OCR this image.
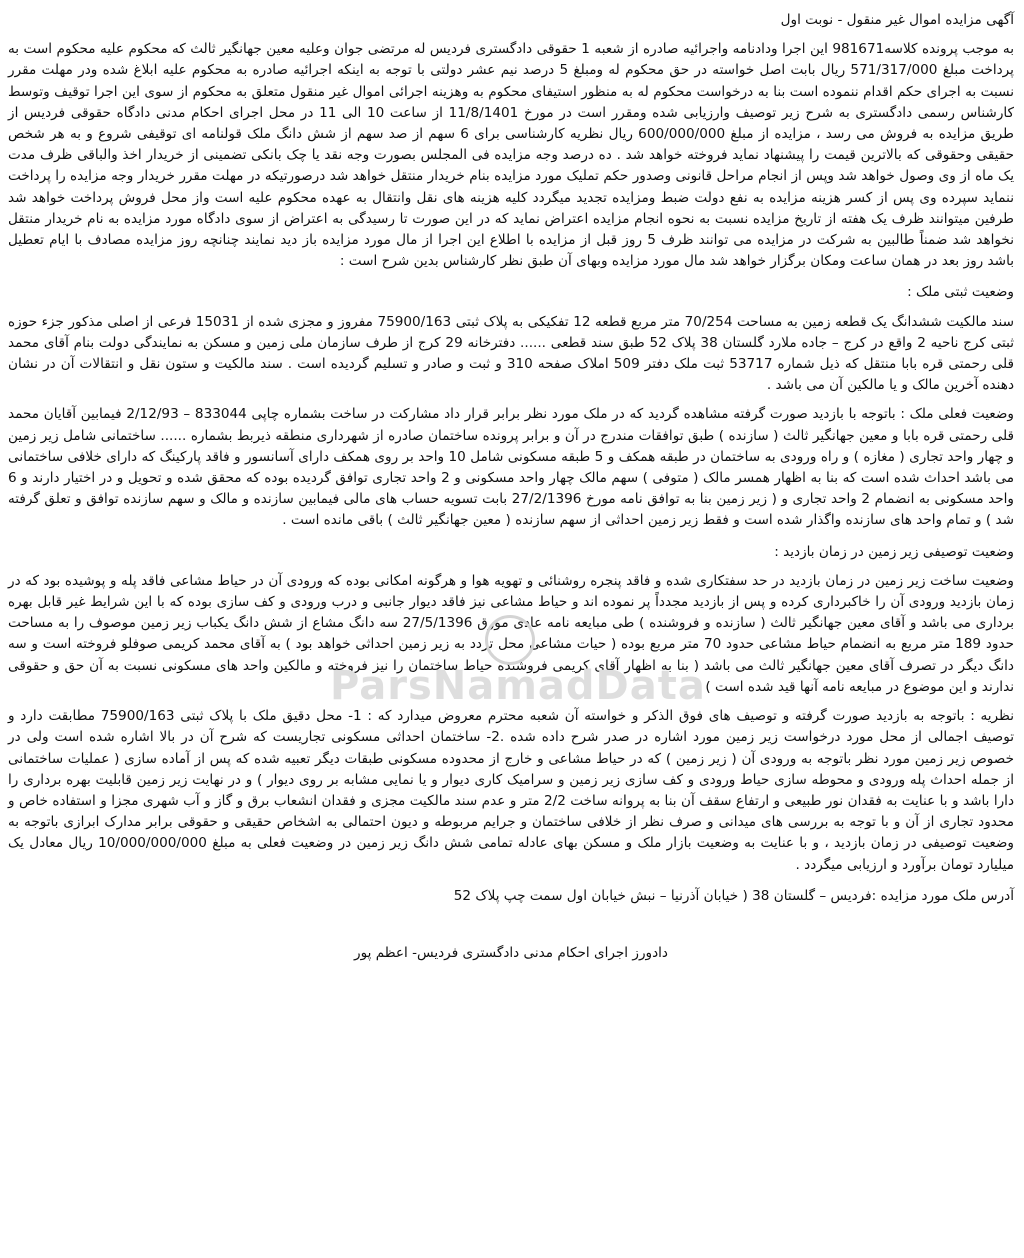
ParsNamadData

آگهی مزایده اموال غیر منقول - نوبت اول

به موجب پرونده کلاسه981671 این اجرا ودادنامه واجرائیه صادره از شعبه 1 حقوقی دادگستری فردیس له مرتضی جوان وعلیه معین جهانگیر ثالث که محکوم علیه محکوم است به پرداخت مبلغ 571/317/000 ریال بابت اصل خواسته در حق محکوم له ومبلغ 5 درصد نیم عشر دولتی با توجه به اینکه اجرائیه صادره به محکوم علیه ابلاغ شده ودر مهلت مقرر نسبت به اجرای حکم اقدام ننموده است بنا به درخواست محکوم له به منظور استیفای محکوم به وهزینه اجرائی اموال غیر منقول متعلق به محکوم از سوی این اجرا توقیف وتوسط کارشناس رسمی دادگستری به شرح زیر توصیف وارزیابی شده ومقرر است در مورخ 11/8/1401 از ساعت 10 الی 11 در محل اجرای احکام مدنی دادگاه حقوقی فردیس از طریق مزایده به فروش می رسد ، مزایده از مبلغ 600/000/000 ریال نظریه کارشناسی برای 6 سهم از صد سهم از شش دانگ ملک قولنامه ای توقیفی شروع و به هر شخص حقیقی وحقوقی که بالاترین قیمت را پیشنهاد نماید فروخته خواهد شد . ده درصد وجه مزایده فی المجلس بصورت وجه نقد یا چک بانکی تضمینی از خریدار اخذ والباقی ظرف مدت یک ماه از وی وصول خواهد شد وپس از انجام مراحل قانونی وصدور حکم تملیک مورد مزایده بنام خریدار منتقل خواهد شد درصورتیکه در مهلت مقرر خریدار وجه مزایده را پرداخت ننماید سپرده وی پس از کسر هزینه مزایده به نفع دولت ضبط ومزایده تجدید میگردد کلیه هزینه های نقل وانتقال به عهده محکوم علیه است واز محل فروش پرداخت خواهد شد طرفین میتوانند ظرف یک هفته از تاریخ مزایده نسبت به نحوه انجام مزایده اعتراض نماید که در این صورت تا رسیدگی به اعتراض از سوی دادگاه مورد مزایده به نام خریدار منتقل نخواهد شد ضمناً طالبین به شرکت در مزایده می توانند ظرف 5 روز قبل از مزایده با اطلاع این اجرا از مال مورد مزایده باز دید نمایند چنانچه روز مزایده مصادف با ایام تعطیل باشد روز بعد در همان ساعت ومکان برگزار خواهد شد مال مورد مزایده وبهای آن طبق نظر کارشناس بدین شرح است :

وضعیت ثبتی ملک :

سند مالکیت ششدانگ یک قطعه زمین به مساحت 70/254 متر مربع قطعه 12 تفکیکی به پلاک ثبتی 75900/163 مفروز و مجزی شده از 15031 فرعی از اصلی مذکور جزء حوزه ثبتی کرج ناحیه 2 واقع در کرج – جاده ملارد گلستان 38 پلاک 52 طبق سند قطعی ...... دفترخانه 29 کرج از طرف سازمان ملی زمین و مسکن به نمایندگی دولت بنام آقای محمد قلی رحمتی قره بابا منتقل که ذیل شماره 53717 ثبت ملک دفتر 509 املاک صفحه 310 و ثبت و صادر و تسلیم گردیده است . سند مالکیت و ستون نقل و انتقالات آن در نشان دهنده آخرین مالک و یا مالکین آن می باشد .

وضعیت فعلی ملک : باتوجه با بازدید صورت گرفته مشاهده گردید که در ملک مورد نظر برابر قرار داد مشارکت در ساخت بشماره چاپی 833044 – 2/12/93 فیمابین آقایان محمد قلی رحمتی قره بابا و معین جهانگیر ثالث ( سازنده ) طبق توافقات مندرج در آن و برابر پرونده ساختمان صادره از شهرداری منطقه ذیربط بشماره ...... ساختمانی شامل زیر زمین و چهار واحد تجاری ( مغازه ) و راه ورودی به ساختمان در طبقه همکف و 5 طبقه مسکونی شامل 10 واحد بر روی همکف دارای آسانسور و فاقد پارکینگ که دارای خلافی ساختمانی می باشد احداث شده است که بنا به اظهار همسر مالک ( متوفی ) سهم مالک چهار واحد مسکونی و 2 واحد تجاری توافق گردیده بوده که محقق شده و تحویل و در اختیار دارند و 6 واحد مسکونی به انضمام 2 واحد تجاری و ( زیر زمین بنا به توافق نامه مورخ 27/2/1396 بابت تسویه حساب های مالی فیمابین سازنده و مالک و سهم سازنده توافق و تعلق گرفته شد ) و تمام واحد های سازنده واگذار شده است و فقط زیر زمین احداثی از سهم سازنده ( معین جهانگیر ثالث ) باقی مانده است .

وضعیت توصیفی زیر زمین در زمان بازدید :

وضعیت ساخت زیر زمین در زمان بازدید در حد سفتکاری شده و فاقد پنجره روشنائی و تهویه هوا و هرگونه امکانی بوده که ورودی آن در حیاط مشاعی فاقد پله و پوشیده بود که در زمان بازدید ورودی آن را خاکبرداری کرده و پس از بازدید مجدداً پر نموده اند و حیاط مشاعی نیز فاقد دیوار جانبی و درب ورودی و کف سازی بوده که با این شرایط غیر قابل بهره برداری می باشد و آقای معین جهانگیر ثالث ( سازنده و فروشنده ) طی مبایعه نامه عادی مورق 27/5/1396 سه دانگ مشاع از شش دانگ یکباب زیر زمین موصوف را به مساحت حدود 189 متر مربع به انضمام حیاط مشاعی حدود 70 متر مربع بوده ( حیات مشاعی محل تردد به زیر زمین احداثی خواهد بود ) به آقای محمد کریمی صوفلو فروخته است و سه دانگ دیگر در تصرف آقای معین جهانگیر ثالث می باشد ( بنا به اظهار آقای کریمی فروشنده حیاط ساختمان را نیز فروخته و مالکین واحد های مسکونی نسبت به آن حق و حقوقی ندارند و این موضوع در مبایعه نامه آنها قید شده است )

نظریه : باتوجه به بازدید صورت گرفته و توصیف های فوق الذکر و خواسته آن شعبه محترم معروض میدارد که : 1- محل دقیق ملک با پلاک ثبتی 75900/163 مطابقت دارد و توصیف اجمالی از محل مورد درخواست زیر زمین مورد اشاره در صدر شرح داده شده .2- ساختمان احداثی مسکونی تجاریست که شرح آن در بالا اشاره شده است ولی در خصوص زیر زمین مورد نظر باتوجه به ورودی آن ( زیر زمین ) که در حیاط مشاعی و خارج از محدوده مسکونی طبقات دیگر تعبیه شده که پس از آماده سازی ( عملیات ساختمانی از جمله احداث پله ورودی و محوطه سازی حیاط ورودی و کف سازی زیر زمین و سرامیک کاری دیوار و یا نمایی مشابه بر روی دیوار ) و در نهایت زیر زمین قابلیت بهره برداری را دارا باشد و با عنایت به فقدان نور طبیعی و ارتفاع سقف آن بنا به پروانه ساخت 2/2 متر و عدم سند مالکیت مجزی و فقدان انشعاب برق و گاز و آب شهری مجزا و استفاده خاص و محدود تجاری از آن و با توجه به بررسی های میدانی و صرف نظر از خلافی ساختمان و جرایم مربوطه و دیون احتمالی به اشخاص حقیقی و حقوقی برابر مدارک ابرازی باتوجه به وضعیت توصیفی در زمان بازدید ، و با عنایت به وضعیت بازار ملک و مسکن بهای عادله تمامی شش دانگ زیر زمین در وضعیت فعلی به مبلغ 10/000/000/000 ریال معادل یک میلیارد تومان برآورد و ارزیابی میگردد .

آدرس ملک مورد مزایده :فردیس – گلستان 38 ( خیابان آذرنیا – نبش خیابان اول سمت چپ پلاک 52

دادورز اجرای احکام مدنی دادگستری فردیس- اعظم پور
